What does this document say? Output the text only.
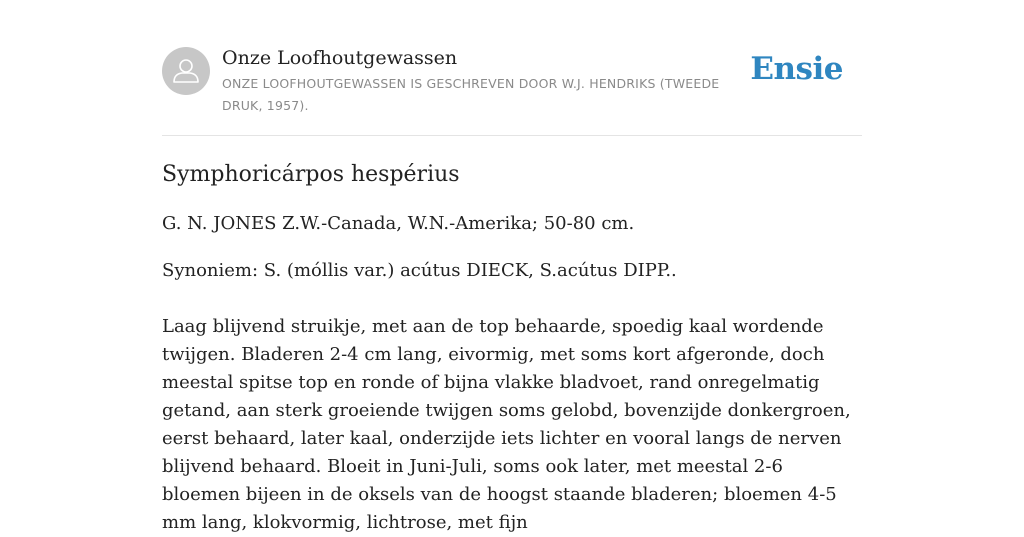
Onze Loofhoutgewassen
ONZE LOOFHOUTGEWASSEN IS GESCHREVEN DOOR W.J. HENDRIKS (TWEEDE DRUK, 1957).
Ensie
Symphoricárpos hespérius

G. N. JONES Z.W.-Canada, W.N.-Amerika; 50-80 cm.

Synoniem: S. (móllis var.) acútus DIECK, S.acútus DIPP..

Laag blijvend struikje, met aan de top behaarde, spoedig kaal wordende twijgen. Bladeren 2-4 cm lang, eivormig, met soms kort afgeronde, doch meestal spitse top en ronde of bijna vlakke bladvoet, rand onregelmatig getand, aan sterk groeiende twijgen soms gelobd, bovenzijde donkergroen, eerst behaard, later kaal, onderzijde iets lichter en vooral langs de nerven blijvend behaard. Bloeit in Juni-Juli, soms ook later, met meestal 2-6 bloemen bijeen in de oksels van de hoogst staande bladeren; bloemen 4-5 mm lang, klokvormig, lichtrose, met fijn
